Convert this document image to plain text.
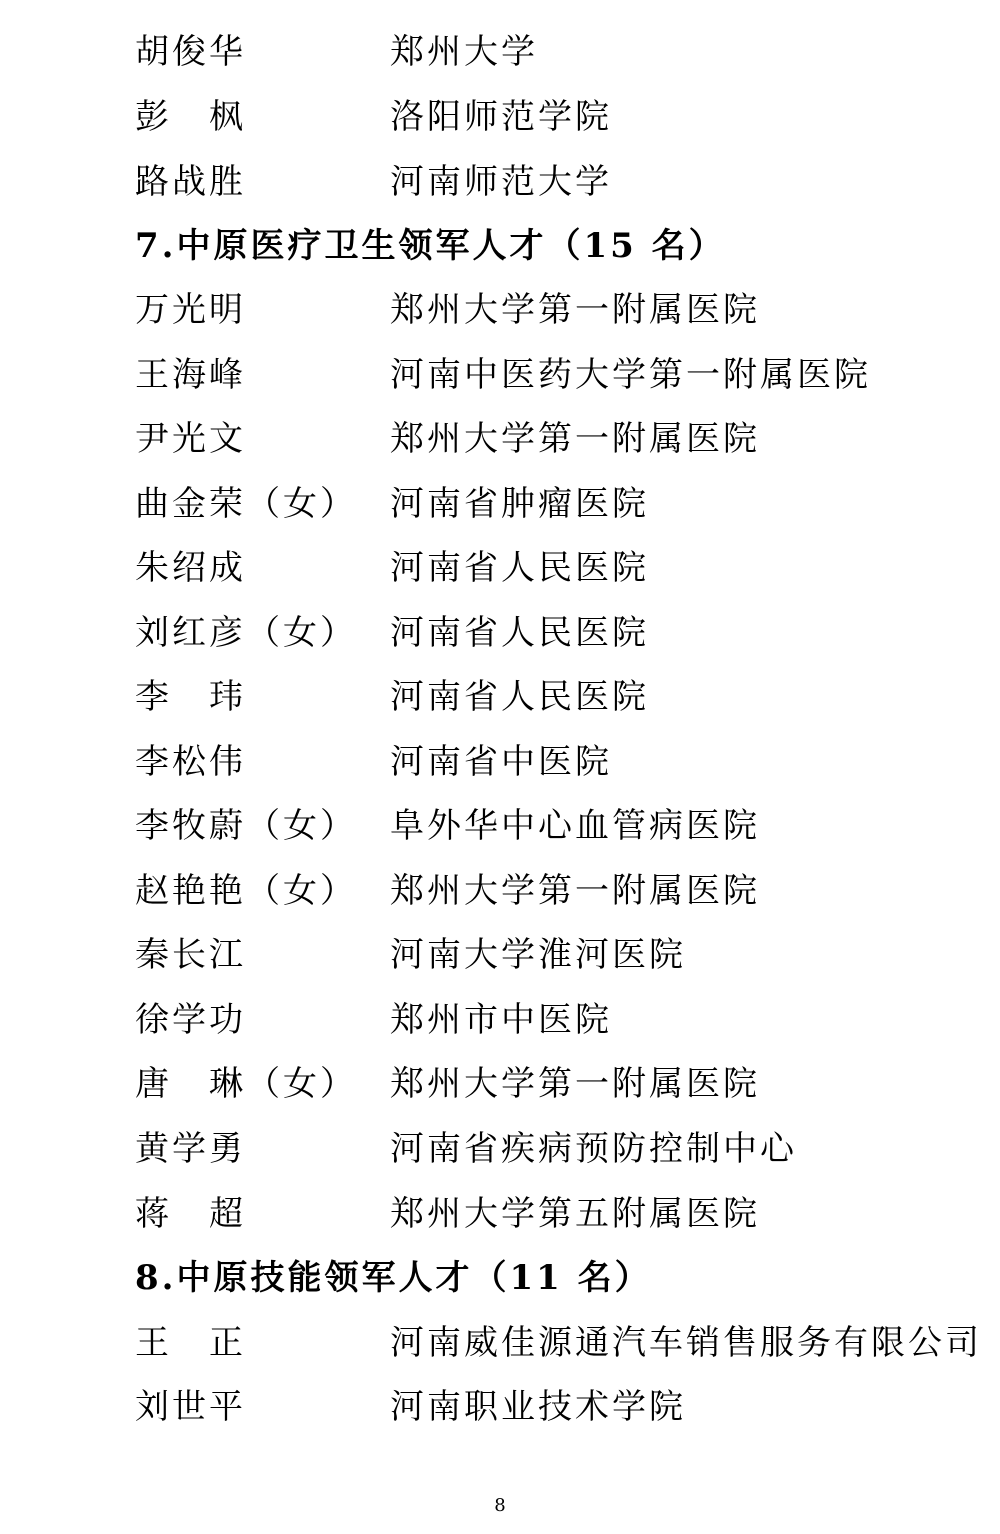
胡俊华	郑州大学
彭　枫	洛阳师范学院
路战胜	河南师范大学
7.中原医疗卫生领军人才（15 名）
万光明	郑州大学第一附属医院
王海峰	河南中医药大学第一附属医院
尹光文	郑州大学第一附属医院
曲金荣（女） 河南省肿瘤医院
朱绍成	河南省人民医院
刘红彦（女） 河南省人民医院
李　玮	河南省人民医院
李松伟	河南省中医院
李牧蔚（女） 阜外华中心血管病医院
赵艳艳（女） 郑州大学第一附属医院
秦长江	河南大学淮河医院
徐学功	郑州市中医院
唐　琳（女） 郑州大学第一附属医院
黄学勇	河南省疾病预防控制中心
蒋　超	郑州大学第五附属医院
8.中原技能领军人才（11 名）
王　正	河南威佳源通汽车销售服务有限公司
刘世平	河南职业技术学院
8
